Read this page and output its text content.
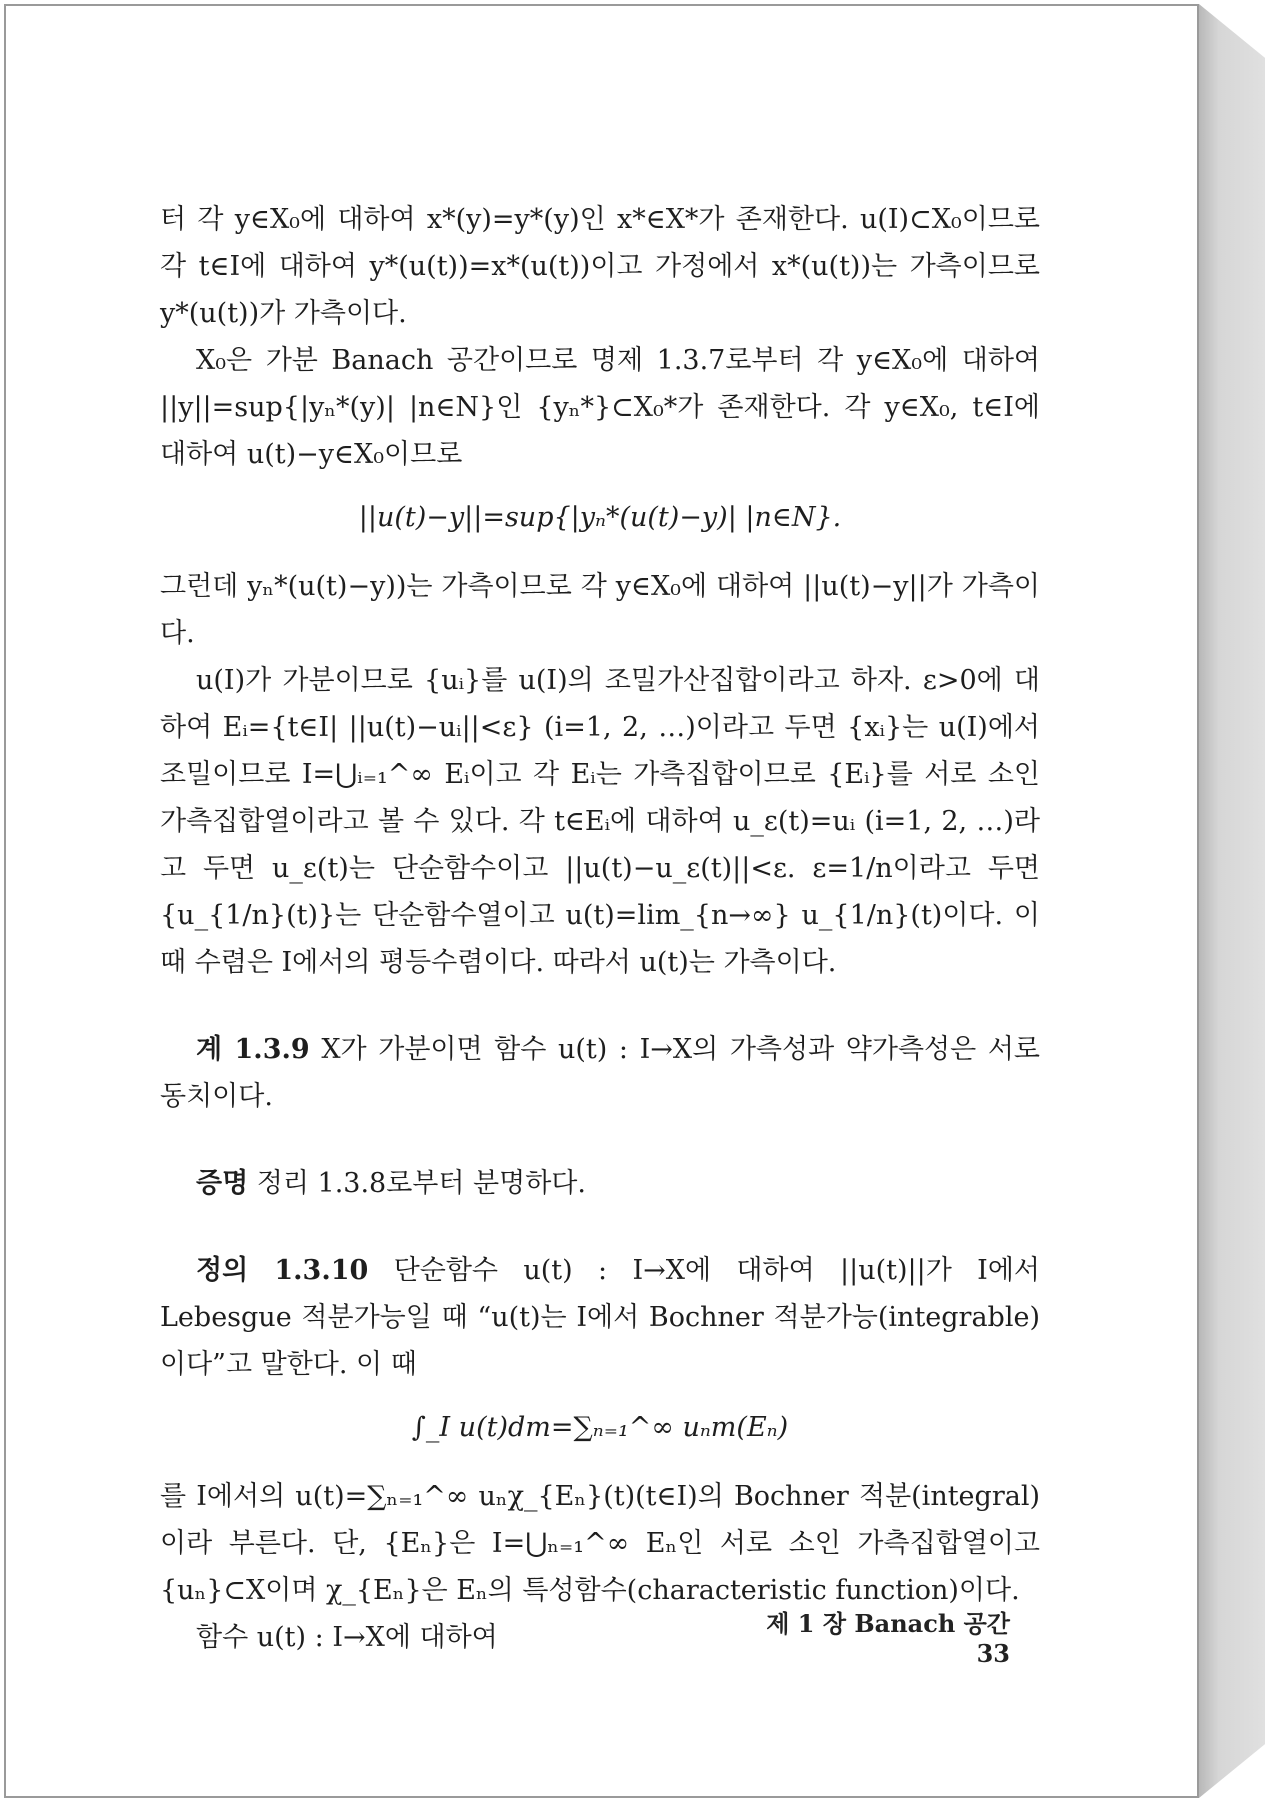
터 각 y∈X₀에 대하여 x*(y)=y*(y)인 x*∈X*가 존재한다. u(I)⊂X₀이므로 각 t∈I에 대하여 y*(u(t))=x*(u(t))이고 가정에서 x*(u(t))는 가측이므로 y*(u(t))가 가측이다.

X₀은 가분 Banach 공간이므로 명제 1.3.7로부터 각 y∈X₀에 대하여 ||y||=sup{|yₙ*(y)| |n∈N}인 {yₙ*}⊂X₀*가 존재한다. 각 y∈X₀, t∈I에 대하여 u(t)−y∈X₀이므로

||u(t)−y||=sup{|yₙ*(u(t)−y)| |n∈N}.

그런데 yₙ*(u(t)−y))는 가측이므로 각 y∈X₀에 대하여 ||u(t)−y||가 가측이다.

u(I)가 가분이므로 {uᵢ}를 u(I)의 조밀가산집합이라고 하자. ε>0에 대하여 Eᵢ={t∈I| ||u(t)−uᵢ||<ε} (i=1, 2, …)이라고 두면 {xᵢ}는 u(I)에서 조밀이므로 I=⋃ᵢ₌₁^∞ Eᵢ이고 각 Eᵢ는 가측집합이므로 {Eᵢ}를 서로 소인 가측집합열이라고 볼 수 있다. 각 t∈Eᵢ에 대하여 u_ε(t)=uᵢ (i=1, 2, …)라고 두면 u_ε(t)는 단순함수이고 ||u(t)−u_ε(t)||<ε. ε=1/n이라고 두면 {u_{1/n}(t)}는 단순함수열이고 u(t)=lim_{n→∞} u_{1/n}(t)이다. 이 때 수렴은 I에서의 평등수렴이다. 따라서 u(t)는 가측이다.

계 1.3.9 X가 가분이면 함수 u(t) : I→X의 가측성과 약가측성은 서로 동치이다.

증명 정리 1.3.8로부터 분명하다.

정의 1.3.10 단순함수 u(t) : I→X에 대하여 ||u(t)||가 I에서 Lebesgue 적분가능일 때 “u(t)는 I에서 Bochner 적분가능(integrable)이다”고 말한다. 이 때

∫_I u(t)dm=∑ₙ₌₁^∞ uₙm(Eₙ)

를 I에서의 u(t)=∑ₙ₌₁^∞ uₙχ_{Eₙ}(t)(t∈I)의 Bochner 적분(integral)이라 부른다. 단, {Eₙ}은 I=⋃ₙ₌₁^∞ Eₙ인 서로 소인 가측집합열이고 {uₙ}⊂X이며 χ_{Eₙ}은 Eₙ의 특성함수(characteristic function)이다.

함수 u(t) : I→X에 대하여	제 1 장 Banach 공간33
